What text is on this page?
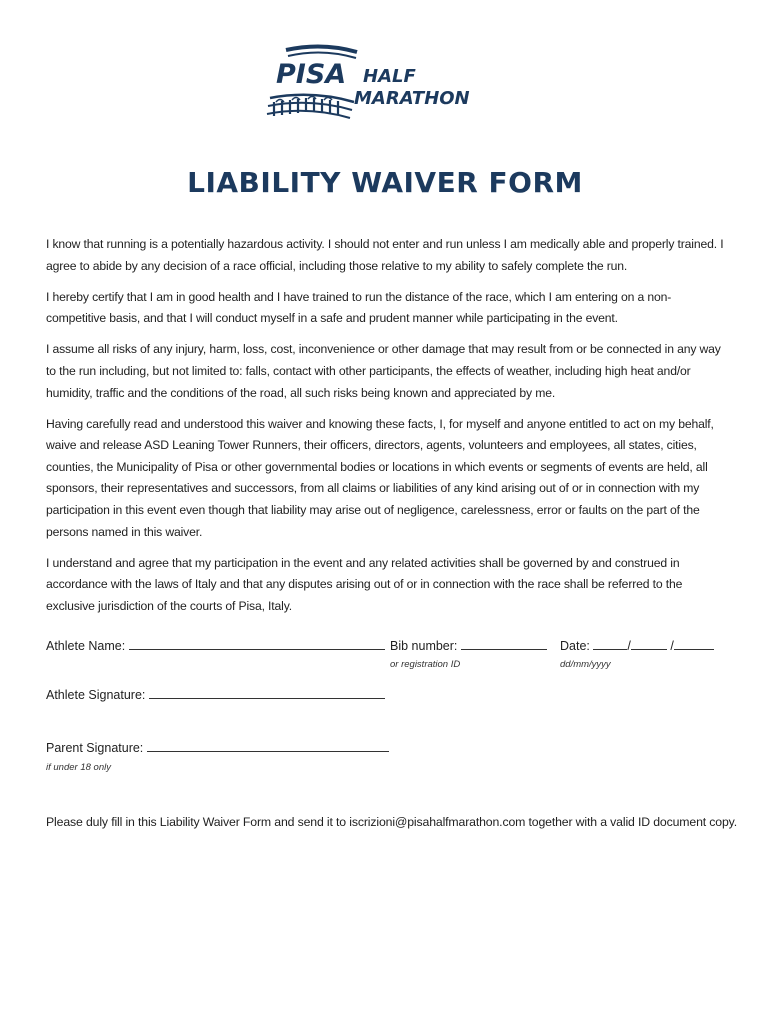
PISA HALF
MARATHON
LIABILITY WAIVER FORM

I know that running is a potentially hazardous activity. I should not enter and run unless I am medically able and properly trained. I agree to abide by any decision of a race official, including those relative to my ability to safely complete the run.

I hereby certify that I am in good health and I have trained to run the distance of the race, which I am entering on a non-competitive basis, and that I will conduct myself in a safe and prudent manner while participating in the event.

I assume all risks of any injury, harm, loss, cost, inconvenience or other damage that may result from or be connected in any way to the run including, but not limited to: falls, contact with other participants, the effects of weather, including high heat and/or humidity, traffic and the conditions of the road, all such risks being known and appreciated by me.

Having carefully read and understood this waiver and knowing these facts, I, for myself and anyone entitled to act on my behalf, waive and release ASD Leaning Tower Runners, their officers, directors, agents, volunteers and employees, all states, cities, counties, the Municipality of Pisa or other governmental bodies or locations in which events or segments of events are held, all sponsors, their representatives and successors, from all claims or liabilities of any kind arising out of or in connection with my participation in this event even though that liability may arise out of negligence, carelessness, error or faults on the part of the persons named in this waiver.

I understand and agree that my participation in the event and any related activities shall be governed by and construed in accordance with the laws of Italy and that any disputes arising out of or in connection with the race shall be referred to the exclusive jurisdiction of the courts of Pisa, Italy.

Athlete Name:	Bib number:
or registration ID
Date:	/	/
dd/mm/yyyy
Athlete Signature:
Parent Signature:
if under 18 only
Please duly fill in this Liability Waiver Form and send it to iscrizioni@pisahalfmarathon.com together with a valid ID document copy.
